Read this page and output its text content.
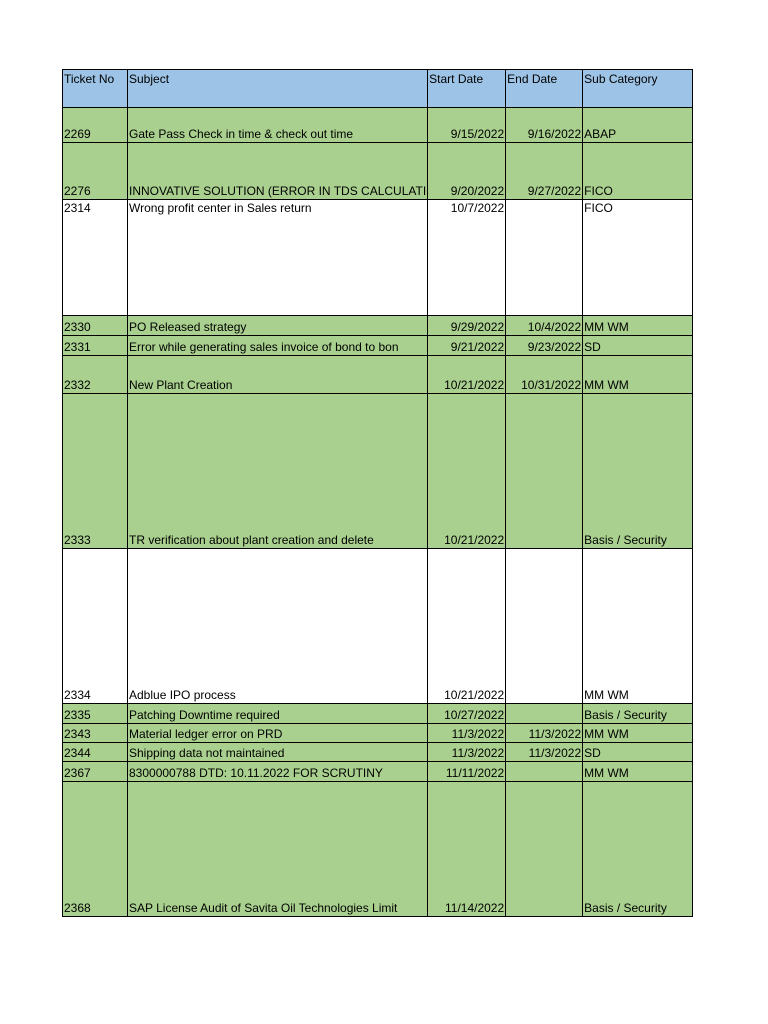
Ticket No	Subject	Start Date	End Date	Sub Category
2269	Gate Pass Check in time & check out time	9/15/2022	9/16/2022	ABAP
2276	INNOVATIVE SOLUTION (ERROR IN TDS CALCULATI	9/20/2022	9/27/2022	FICO
2314	Wrong profit center in Sales return	10/7/2022		FICO
2330	PO Released strategy	9/29/2022	10/4/2022	MM WM
2331	Error while generating sales invoice of bond to bon	9/21/2022	9/23/2022	SD
2332	New Plant Creation	10/21/2022	10/31/2022	MM WM
2333	TR verification about plant creation and delete	10/21/2022		Basis / Security
2334	Adblue IPO process	10/21/2022		MM WM
2335	Patching Downtime required	10/27/2022		Basis / Security
2343	Material ledger error on PRD	11/3/2022	11/3/2022	MM WM
2344	Shipping data not maintained	11/3/2022	11/3/2022	SD
2367	8300000788 DTD: 10.11.2022 FOR SCRUTINY	11/11/2022		MM WM
2368	SAP License Audit of Savita Oil Technologies Limit	11/14/2022		Basis / Security
